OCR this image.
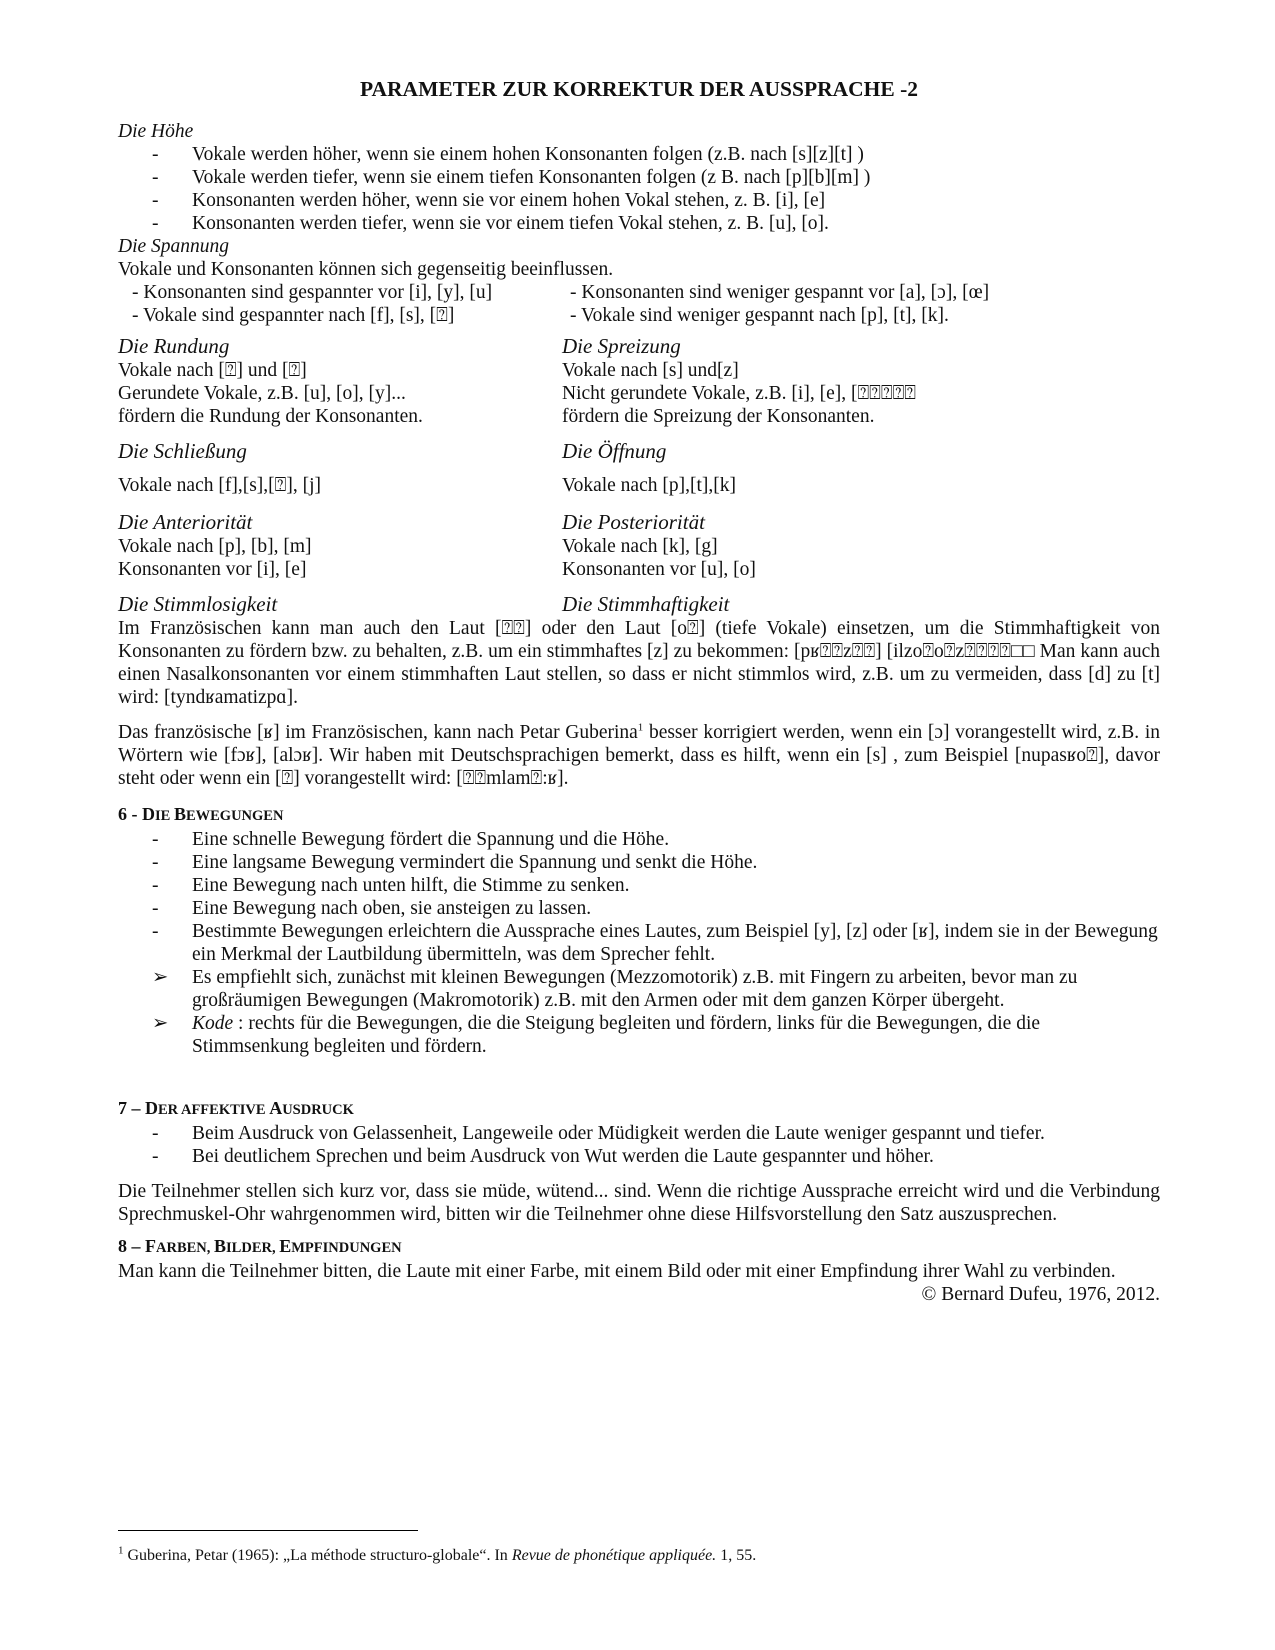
PARAMETER ZUR KORREKTUR DER AUSSPRACHE -2
Die Höhe
- Vokale werden höher, wenn sie einem hohen Konsonanten folgen (z.B. nach [s][z][t] )
- Vokale werden tiefer, wenn sie einem tiefen Konsonanten folgen (z B. nach [p][b][m] )
- Konsonanten werden höher, wenn sie vor einem hohen Vokal stehen, z. B. [i], [e]
- Konsonanten werden tiefer, wenn sie vor einem tiefen Vokal stehen, z. B. [u], [o].
Die Spannung
Vokale und Konsonanten können sich gegenseitig beeinflussen.
- Konsonanten sind gespannter vor [i], [y], [u]
- Vokale sind gespannter nach [f], [s], [⍰]
- Konsonanten sind weniger gespannt vor [a], [ɔ], [œ]
- Vokale sind weniger gespannt nach [p], [t], [k].
Die Rundung
Vokale nach [⍰] und [⍰]
Gerundete Vokale, z.B. [u], [o], [y]...
fördern die Rundung der Konsonanten.
Die Spreizung
Vokale nach [s] und[z]
Nicht gerundete Vokale, z.B. [i], [e], [⍰⍰⍰⍰⍰
fördern die Spreizung der Konsonanten.
Die Schließung
Vokale nach [f],[s],[⍰], [j]
Die Öffnung
Vokale nach [p],[t],[k]
Die Anteriorität
Vokale nach [p], [b], [m]
Konsonanten vor [i], [e]
Die Posteriorität
Vokale nach [k], [g]
Konsonanten vor [u], [o]
Die Stimmlosigkeit	Die Stimmhaftigkeit

Im Französischen kann man auch den Laut [⍰⍰] oder den Laut [o⍰] (tiefe Vokale) einsetzen, um die Stimmhaftigkeit von Konsonanten zu fördern bzw. zu behalten, z.B. um ein stimmhaftes [z] zu bekommen: [pʁ⍰⍰z⍰⍰] [ilzo⍰o⍰z⍰⍰⍰⍰□□ Man kann auch einen Nasalkonsonanten vor einem stimmhaften Laut stellen, so dass er nicht stimmlos wird, z.B. um zu vermeiden, dass [d] zu [t] wird: [tyndʁamatizpɑ].

Das französische [ʁ] im Französischen, kann nach Petar Guberina$^1$ besser korrigiert werden, wenn ein [ɔ] vorangestellt wird, z.B. in Wörtern wie [fɔʁ], [alɔʁ]. Wir haben mit Deutschsprachigen bemerkt, dass es hilft, wenn ein [s] , zum Beispiel [nupasʁo⍰], davor steht oder wenn ein [⍰] vorangestellt wird: [⍰⍰mlam⍰:ʁ].

6 - DIE BEWEGUNGEN
- Eine schnelle Bewegung fördert die Spannung und die Höhe.
- Eine langsame Bewegung vermindert die Spannung und senkt die Höhe.
- Eine Bewegung nach unten hilft, die Stimme zu senken.
- Eine Bewegung nach oben, sie ansteigen zu lassen.
- Bestimmte Bewegungen erleichtern die Aussprache eines Lautes, zum Beispiel [y], [z] oder [ʁ], indem sie in der Bewegung ein Merkmal der Lautbildung übermitteln, was dem Sprecher fehlt.
➢ Es empfiehlt sich, zunächst mit kleinen Bewegungen (Mezzomotorik) z.B. mit Fingern zu arbeiten, bevor man zu großräumigen Bewegungen (Makromotorik) z.B. mit den Armen oder mit dem ganzen Körper übergeht.
➢ Kode : rechts für die Bewegungen, die die Steigung begleiten und fördern, links für die Bewegungen, die die Stimmsenkung begleiten und fördern.
7 – DER AFFEKTIVE AUSDRUCK
- Beim Ausdruck von Gelassenheit, Langeweile oder Müdigkeit werden die Laute weniger gespannt und tiefer.
- Bei deutlichem Sprechen und beim Ausdruck von Wut werden die Laute gespannter und höher.

Die Teilnehmer stellen sich kurz vor, dass sie müde, wütend... sind. Wenn die richtige Aussprache erreicht wird und die Verbindung Sprechmuskel-Ohr wahrgenommen wird, bitten wir die Teilnehmer ohne diese Hilfsvorstellung den Satz auszusprechen.

8 – FARBEN, BILDER, EMPFINDUNGEN

Man kann die Teilnehmer bitten, die Laute mit einer Farbe, mit einem Bild oder mit einer Empfindung ihrer Wahl zu verbinden.

© Bernard Dufeu, 1976, 2012.
$^1$ Guberina, Petar (1965): „La méthode structuro-globale“. In Revue de phonétique appliquée. 1, 55.
